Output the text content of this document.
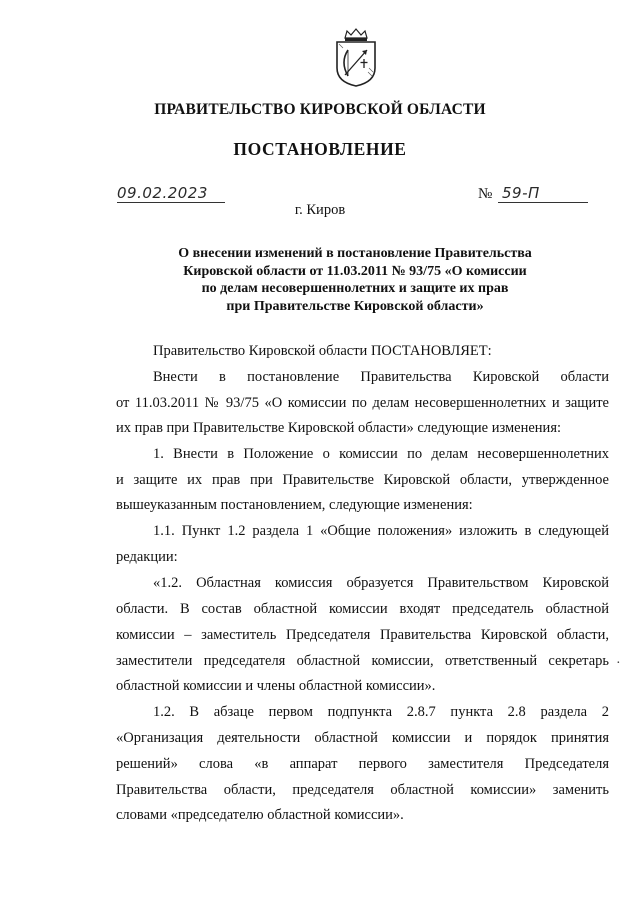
ПРАВИТЕЛЬСТВО КИРОВСКОЙ ОБЛАСТИ
ПОСТАНОВЛЕНИЕ
09.02.2023	№ 59-П
г. Киров
О внесении изменений в постановление Правительства
Кировской области от 11.03.2011 № 93/75 «О комиссии
по делам несовершеннолетних и защите их прав
при Правительстве Кировской области»
Правительство Кировской области ПОСТАНОВЛЯЕТ:
Внести в постановление Правительства Кировской области
от 11.03.2011 № 93/75 «О комиссии по делам несовершеннолетних и защите
их прав при Правительстве Кировской области» следующие изменения:
1. Внести в Положение о комиссии по делам несовершеннолетних
и защите их прав при Правительстве Кировской области, утвержденное
вышеуказанным постановлением, следующие изменения:
1.1. Пункт 1.2 раздела 1 «Общие положения» изложить в следующей
редакции:
«1.2. Областная комиссия образуется Правительством Кировской
области. В состав областной комиссии входят председатель областной
комиссии – заместитель Председателя Правительства Кировской области,
заместители председателя областной комиссии, ответственный секретарь
областной комиссии и члены областной комиссии».
1.2. В абзаце первом подпункта 2.8.7 пункта 2.8 раздела 2
«Организация деятельности областной комиссии и порядок принятия
решений» слова «в аппарат первого заместителя Председателя
Правительства области, председателя областной комиссии» заменить
словами «председателю областной комиссии».
·
